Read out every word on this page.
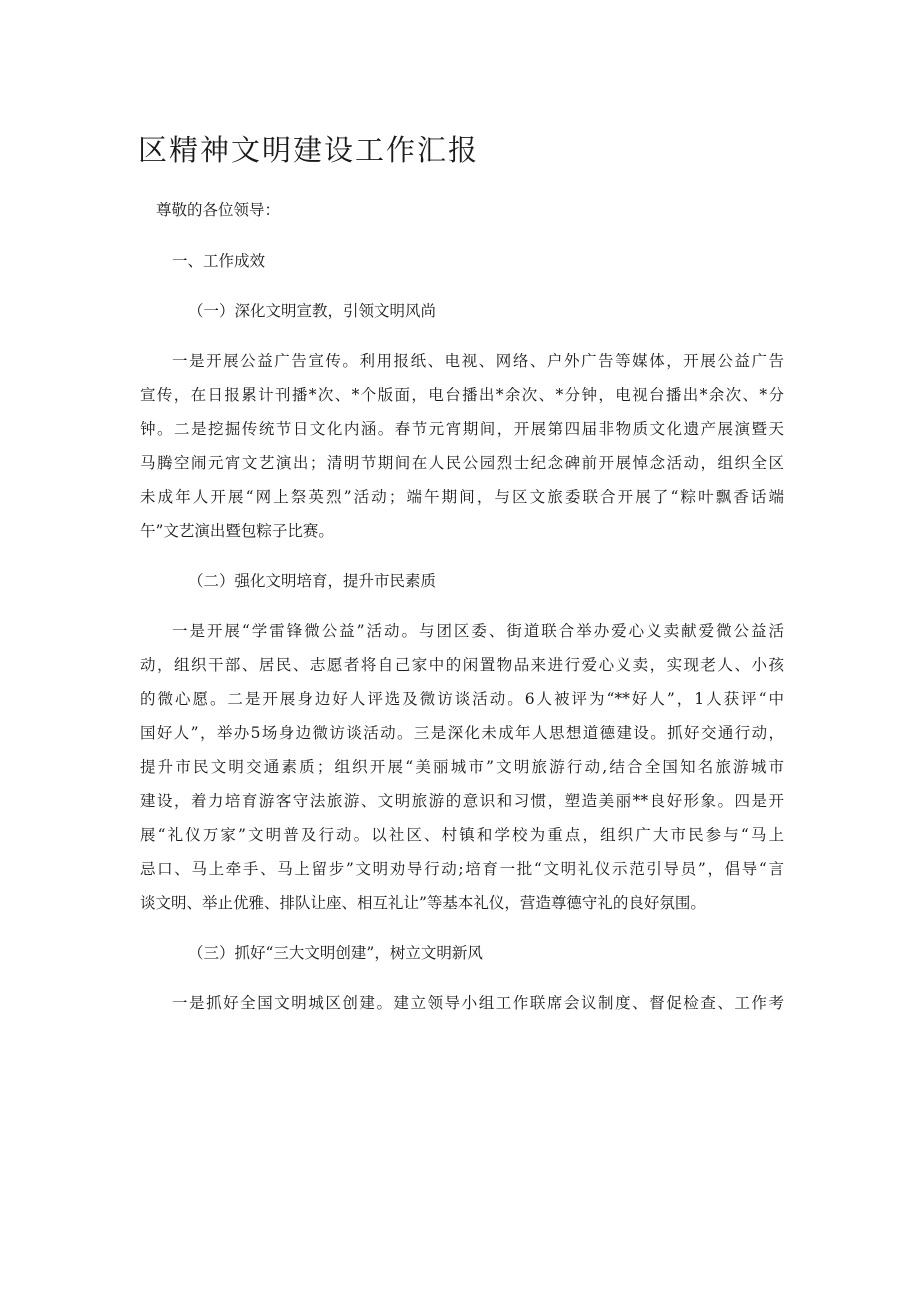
区精神文明建设工作汇报

尊敬的各位领导：

一、工作成效

（一）深化文明宣教，引领文明风尚

一是开展公益广告宣传。利用报纸、电视、网络、户外广告等媒体，开展公益广告

宣传，在日报累计刊播*次、*个版面，电台播出*余次、*分钟，电视台播出*余次、*分

钟。二是挖掘传统节日文化内涵。春节元宵期间，开展第四届非物质文化遗产展演暨天

马腾空闹元宵文艺演出；清明节期间在人民公园烈士纪念碑前开展悼念活动，组织全区

未成年人开展“网上祭英烈”活动；端午期间，与区文旅委联合开展了“粽叶飘香话端

午”文艺演出暨包粽子比赛。

（二）强化文明培育，提升市民素质

一是开展“学雷锋微公益”活动。与团区委、街道联合举办爱心义卖献爱微公益活

动，组织干部、居民、志愿者将自己家中的闲置物品来进行爱心义卖，实现老人、小孩

的微心愿。二是开展身边好人评选及微访谈活动。6人被评为“**好人”，1人获评“中

国好人”，举办5场身边微访谈活动。三是深化未成年人思想道德建设。抓好交通行动，

提升市民文明交通素质；组织开展“美丽城市”文明旅游行动,结合全国知名旅游城市

建设，着力培育游客守法旅游、文明旅游的意识和习惯，塑造美丽**良好形象。四是开

展“礼仪万家”文明普及行动。以社区、村镇和学校为重点，组织广大市民参与“马上

忌口、马上牵手、马上留步”文明劝导行动;培育一批“文明礼仪示范引导员”，倡导“言

谈文明、举止优雅、排队让座、相互礼让”等基本礼仪，营造尊德守礼的良好氛围。

（三）抓好“三大文明创建”，树立文明新风

一是抓好全国文明城区创建。建立领导小组工作联席会议制度、督促检查、工作考
